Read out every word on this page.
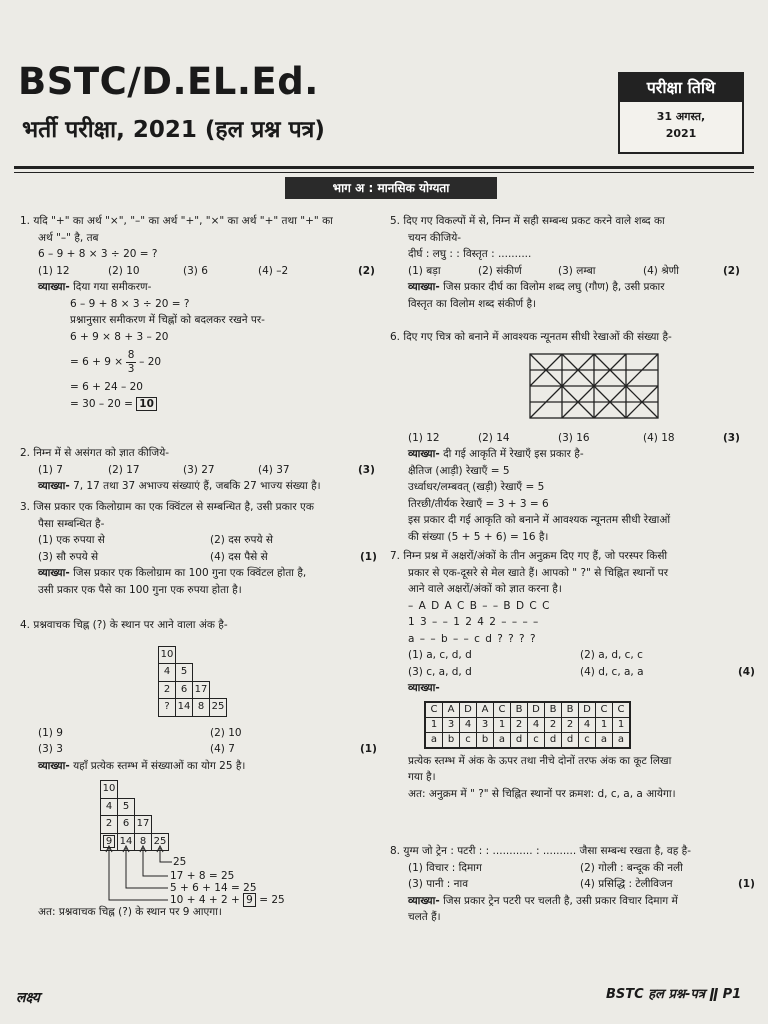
BSTC/D.EL.Ed.
भर्ती परीक्षा, 2021 (हल प्रश्न पत्र)
परीक्षा तिथि
31 अगस्त,
2021
भाग अ : मानसिक योग्यता

1. यदि "+" का अर्थ "×", "–" का अर्थ "+", "×" का अर्थ "+" तथा "+" का

अर्थ "–" है, तब

6 – 9 + 8 × 3 ÷ 20 = ?

(1) 12	(2) 10	(3) 6	(4) –2	(2)

व्याख्या- दिया गया समीकरण-

6 – 9 + 8 × 3 ÷ 20 = ?

प्रश्नानुसार समीकरण में चिह्नों को बदलकर रखने पर-

6 + 9 × 8 + 3 – 20

= $6 + 9 \times \frac{8}{3} - 20$

= 6 + 24 – 20

= 30 – 20 = 10

2. निम्न में से असंगत को ज्ञात कीजिये-

(1) 7	(2) 17	(3) 27	(4) 37	(3)

व्याख्या- 7, 17 तथा 37 अभाज्य संख्याएं हैं, जबकि 27 भाज्य संख्या है।

3. जिस प्रकार एक किलोग्राम का एक क्विंटल से सम्बन्धित है, उसी प्रकार एक

पैसा सम्बन्धित है-

(1) एक रुपया से	(2) दस रुपये से
(3) सौ रुपये से	(4) दस पैसे से	(1)

व्याख्या- जिस प्रकार एक किलोग्राम का 100 गुना एक क्विंटल होता है,

उसी प्रकार एक पैसे का 100 गुना एक रुपया होता है।

4. प्रश्नवाचक चिह्न (?) के स्थान पर आने वाला अंक है-

10			
4	5		
2	6	17	
?	14	8	25
(1) 9	(2) 10
(3) 3	(4) 7	(1)

व्याख्या- यहाँ प्रत्येक स्तम्भ में संख्याओं का योग 25 है।

10			
4	5		
2	6	17	
9	14	8	25
25
17 + 8 = 25
5 + 6 + 14 = 25
10 + 4 + 2 + 9 = 25
अत: प्रश्नवाचक चिह्न (?) के स्थान पर 9 आएगा।

5. दिए गए विकल्पों में से, निम्न में सही सम्बन्ध प्रकट करने वाले शब्द का

चयन कीजिये-

दीर्घ : लघु : : विस्तृत : ..........

(1) बड़ा	(2) संकीर्ण	(3) लम्बा	(4) श्रेणी	(2)

व्याख्या- जिस प्रकार दीर्घ का विलोम शब्द लघु (गौण) है, उसी प्रकार

विस्तृत का विलोम शब्द संकीर्ण है।

6. दिए गए चित्र को बनाने में आवश्यक न्यूनतम सीधी रेखाओं की संख्या है-

(1) 12	(2) 14	(3) 16	(4) 18	(3)

व्याख्या- दी गई आकृति में रेखाएँ इस प्रकार है-

क्षैतिज (आड़ी) रेखाएँ = 5

उर्ध्वाधर/लम्बवत् (खड़ी) रेखाएँ = 5

तिरछी/तीर्यक रेखाएँ = 3 + 3 = 6

इस प्रकार दी गई आकृति को बनाने में आवश्यक न्यूनतम सीधी रेखाओं

की संख्या (5 + 5 + 6) = 16 है।

7. निम्न प्रश्न में अक्षरों/अंकों के तीन अनुक्रम दिए गए हैं, जो परस्पर किसी

प्रकार से एक-दूसरे से मेल खाते हैं। आपको " ?" से चिह्नित स्थानों पर

आने वाले अक्षरों/अंकों को ज्ञात करना है।

– A D A C B – – B D C C

1 3 – – 1 2 4 2 – – – –

a – – b – – c d ? ? ? ?

(1) a, c, d, d	(2) a, d, c, c
(3) c, a, d, d	(4) d, c, a, a	(4)

व्याख्या-

C	A	D	A	C	B	D	B	B	D	C	C
1	3	4	3	1	2	4	2	2	4	1	1
a	b	c	b	a	d	c	d	d	c	a	a

प्रत्येक स्तम्भ में अंक के ऊपर तथा नीचे दोनों तरफ अंक का कूट लिखा

गया है।

अत: अनुक्रम में " ?" से चिह्नित स्थानों पर क्रमश: d, c, a, a आयेगा।

8. युग्म जो ट्रेन : पटरी : : ............ : .......... जैसा सम्बन्ध रखता है, वह है-

(1) विचार : दिमाग	(2) गोली : बन्दूक की नली
(3) पानी : नाव	(4) प्रसिद्धि : टेलीविजन	(1)

व्याख्या- जिस प्रकार ट्रेन पटरी पर चलती है, उसी प्रकार विचार दिमाग में

चलते हैं।

लक्ष्य	BSTC हल प्रश्न-पत्र ǁ P1
